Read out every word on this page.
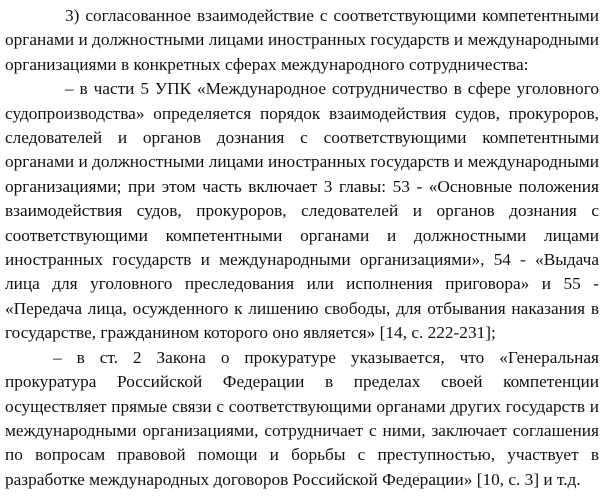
3) согласованное взаимодействие с соответствующими компетентными органами и должностными лицами иностранных государств и международными организациями в конкретных сферах международного сотрудничества:

– в части 5 УПК «Международное сотрудничество в сфере уголовного судопроизводства» определяется порядок взаимодействия судов, прокуроров, следователей и органов дознания с соответствующими компетентными органами и должностными лицами иностранных государств и международными организациями; при этом часть включает 3 главы: 53 - «Основные положения взаимодействия судов, прокуроров, следователей и органов дознания с соответствующими компетентными органами и должностными лицами иностранных государств и международными организациями», 54 - «Выдача лица для уголовного преследования или исполнения приговора» и 55 - «Передача лица, осужденного к лишению свободы, для отбывания наказания в государстве, гражданином которого оно является» [14, с. 222-231];

– в ст. 2 Закона о прокуратуре указывается, что «Генеральная прокуратура Российской Федерации в пределах своей компетенции осуществляет прямые связи с соответствующими органами других государств и международными организациями, сотрудничает с ними, заключает соглашения по вопросам правовой помощи и борьбы с преступностью, участвует в разработке международных договоров Российской Федерации» [10, с. 3] и т.д.
